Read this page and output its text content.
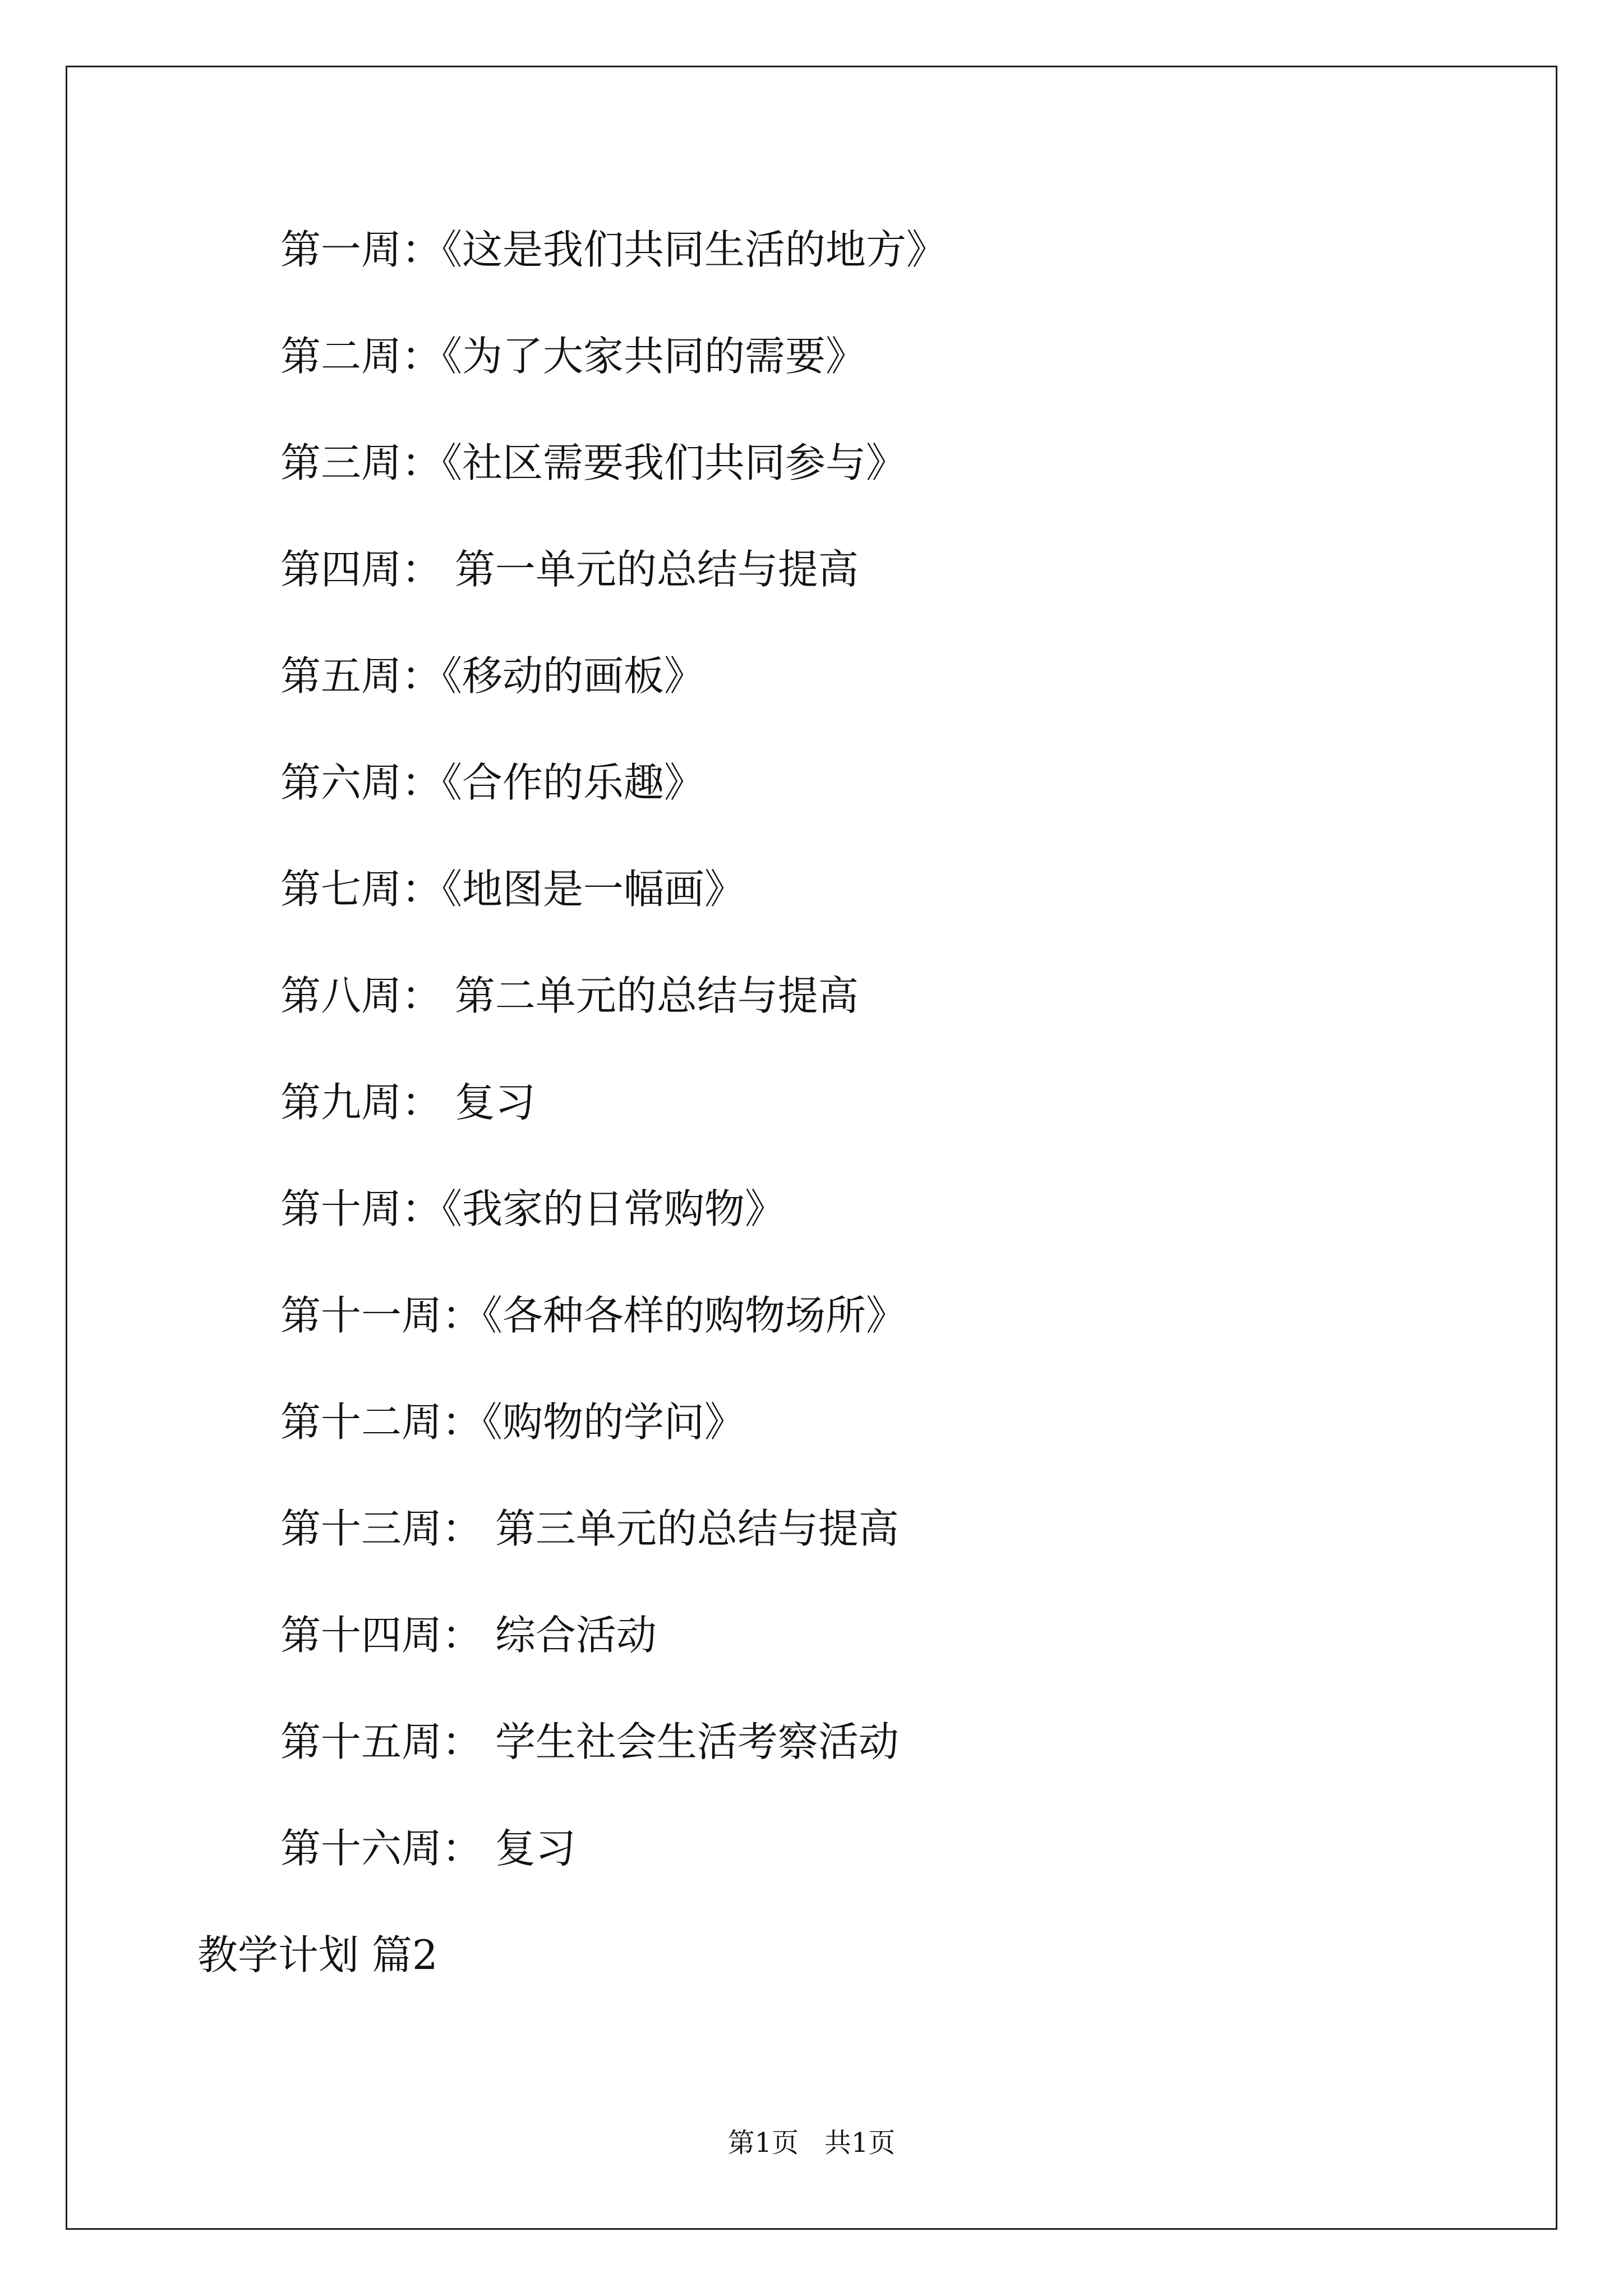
第一周：《这是我们共同生活的地方》
第二周：《为了大家共同的需要》
第三周：《社区需要我们共同参与》
第四周： 第一单元的总结与提高
第五周：《移动的画板》
第六周：《合作的乐趣》
第七周：《地图是一幅画》
第八周： 第二单元的总结与提高
第九周： 复习
第十周：《我家的日常购物》
第十一周：《各种各样的购物场所》
第十二周：《购物的学问》
第十三周： 第三单元的总结与提高
第十四周： 综合活动
第十五周： 学生社会生活考察活动
第十六周： 复习
教学计划 篇2
第1页   共1页
